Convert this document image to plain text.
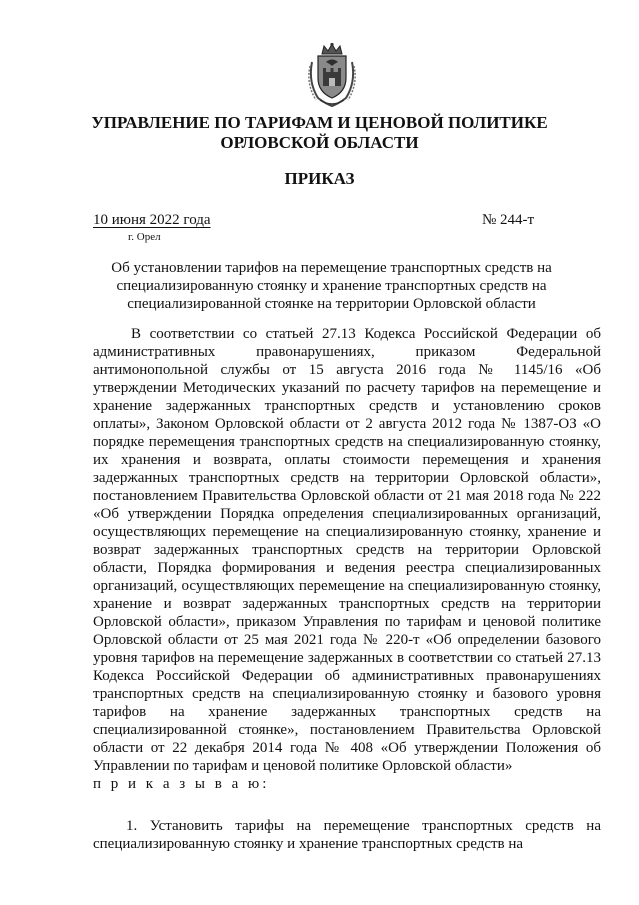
УПРАВЛЕНИЕ ПО ТАРИФАМ И ЦЕНОВОЙ ПОЛИТИКЕ
ОРЛОВСКОЙ ОБЛАСТИ
ПРИКАЗ
10 июня 2022 года
г. Орел
№ 244-т
Об установлении тарифов на перемещение транспортных средств на
специализированную стоянку и хранение транспортных средств на
специализированной стоянке на территории Орловской области
В соответствии со статьей 27.13 Кодекса Российской Федерации об административных правонарушениях, приказом Федеральной антимонопольной службы от 15 августа 2016 года № 1145/16 «Об утверждении Методических указаний по расчету тарифов на перемещение и хранение задержанных транспортных средств и установлению сроков оплаты», Законом Орловской области от 2 августа 2012 года № 1387-ОЗ «О порядке перемещения транспортных средств на специализированную стоянку, их хранения и возврата, оплаты стоимости перемещения и хранения задержанных транспортных средств на территории Орловской области», постановлением Правительства Орловской области от 21 мая 2018 года № 222 «Об утверждении Порядка определения специализированных организаций, осуществляющих перемещение на специализированную стоянку, хранение и возврат задержанных транспортных средств на территории Орловской области, Порядка формирования и ведения реестра специализированных организаций, осуществляющих перемещение на специализированную стоянку, хранение и возврат задержанных транспортных средств на территории Орловской области», приказом Управления по тарифам и ценовой политике Орловской области от 25 мая 2021 года № 220-т «Об определении базового уровня тарифов на перемещение задержанных в соответствии со статьей 27.13 Кодекса Российской Федерации об административных правонарушениях транспортных средств на специализированную стоянку и базового уровня тарифов на хранение задержанных транспортных средств на специализированной стоянке», постановлением Правительства Орловской области от 22 декабря 2014 года № 408 «Об утверждении Положения об Управлении по тарифам и ценовой политике Орловской области»
п р и к а з ы в а ю:
1. Установить тарифы на перемещение транспортных средств на специализированную стоянку и хранение транспортных средств на
